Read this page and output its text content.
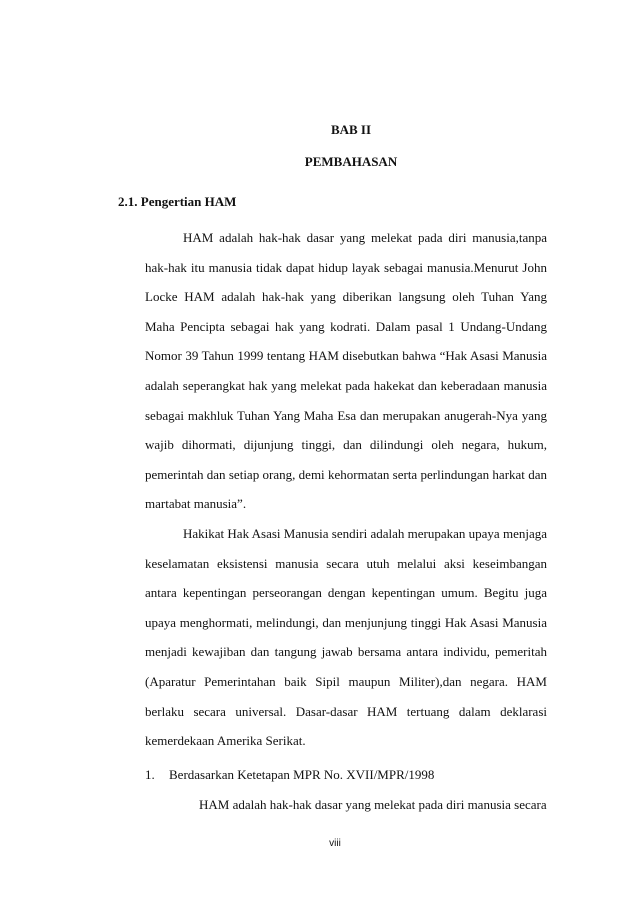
BAB II
PEMBAHASAN
2.1. Pengertian HAM

HAM adalah hak-hak dasar yang melekat pada diri manusia,tanpa hak-hak itu manusia tidak dapat hidup layak sebagai manusia.Menurut John Locke HAM adalah hak-hak yang diberikan langsung oleh Tuhan Yang Maha Pencipta sebagai hak yang kodrati. Dalam pasal 1 Undang-Undang Nomor 39 Tahun 1999 tentang HAM disebutkan bahwa “Hak Asasi Manusia adalah seperangkat hak yang melekat pada hakekat dan keberadaan manusia sebagai makhluk Tuhan Yang Maha Esa dan merupakan anugerah-Nya yang wajib dihormati, dijunjung tinggi, dan dilindungi oleh negara, hukum, pemerintah dan setiap orang, demi kehormatan serta perlindungan harkat dan martabat manusia”.

Hakikat Hak Asasi Manusia sendiri adalah merupakan upaya menjaga keselamatan eksistensi manusia secara utuh melalui aksi keseimbangan antara kepentingan perseorangan dengan kepentingan umum. Begitu juga upaya menghormati, melindungi, dan menjunjung tinggi Hak Asasi Manusia menjadi kewajiban dan tangung jawab bersama antara individu, pemeritah (Aparatur Pemerintahan baik Sipil maupun Militer),dan negara. HAM berlaku secara universal. Dasar-dasar HAM tertuang dalam deklarasi kemerdekaan Amerika Serikat.

1. Berdasarkan Ketetapan MPR No. XVII/MPR/1998
HAM adalah hak-hak dasar yang melekat pada diri manusia secara
viii
